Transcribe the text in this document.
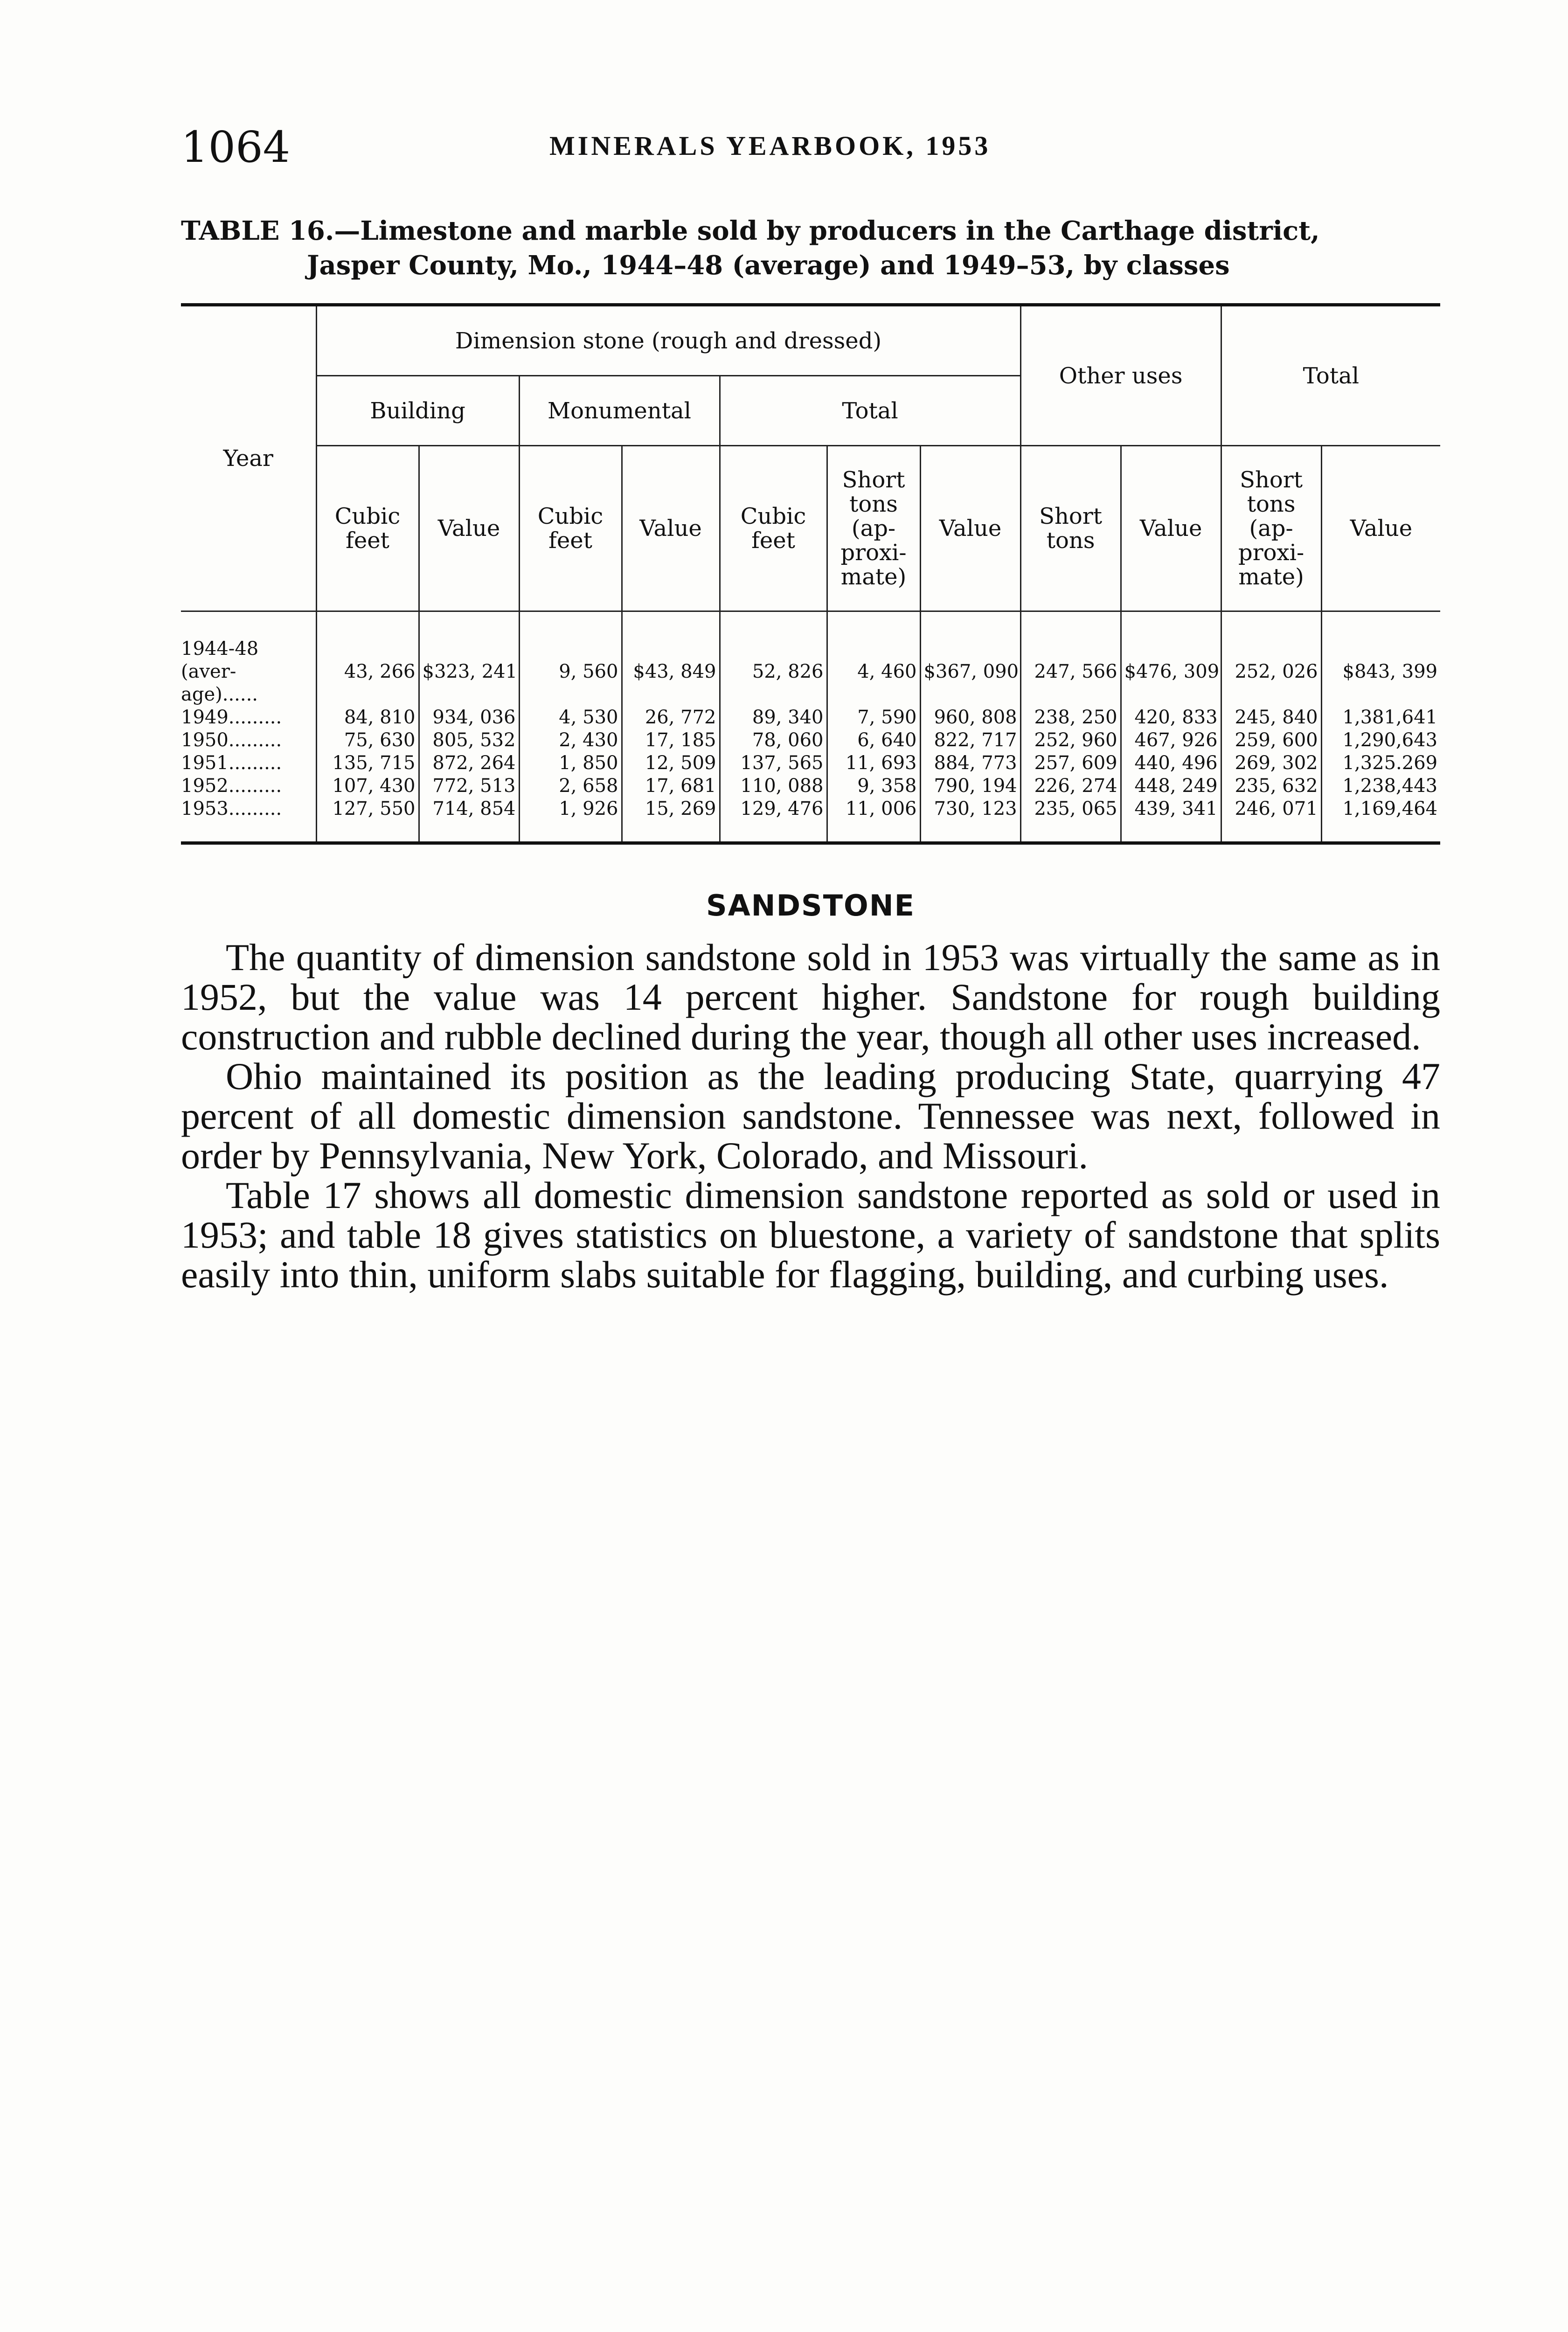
1064	MINERALS YEARBOOK, 1953
TABLE 16.—Limestone and marble sold by producers in the Carthage district,
Jasper County, Mo., 1944–48 (average) and 1949–53, by classes
Year	Dimension stone (rough and dressed)							Other uses		Total	
	Building		Monumental		Total						
	Cubic feet	Value	Cubic feet	Value	Cubic feet	Short tons (ap- proxi- mate)	Value	Short tons	Value	Short tons (ap- proxi- mate)	Value

1944-48 (aver- age)......	43, 266	$323, 241	9, 560	$43, 849	52, 826	4, 460	$367, 090	247, 566	$476, 309	252, 026	$843, 399
1949.........	84, 810	934, 036	4, 530	26, 772	89, 340	7, 590	960, 808	238, 250	420, 833	245, 840	1,381,641
1950.........	75, 630	805, 532	2, 430	17, 185	78, 060	6, 640	822, 717	252, 960	467, 926	259, 600	1,290,643
1951.........	135, 715	872, 264	1, 850	12, 509	137, 565	11, 693	884, 773	257, 609	440, 496	269, 302	1,325.269
1952.........	107, 430	772, 513	2, 658	17, 681	110, 088	9, 358	790, 194	226, 274	448, 249	235, 632	1,238,443
1953.........	127, 550	714, 854	1, 926	15, 269	129, 476	11, 006	730, 123	235, 065	439, 341	246, 071	1,169,464
SANDSTONE

The quantity of dimension sandstone sold in 1953 was virtually the same as in 1952, but the value was 14 percent higher. Sandstone for rough building construction and rubble declined during the year, though all other uses increased.

Ohio maintained its position as the leading producing State, quarrying 47 percent of all domestic dimension sandstone. Tennessee was next, followed in order by Pennsylvania, New York, Colorado, and Missouri.

Table 17 shows all domestic dimension sandstone reported as sold or used in 1953; and table 18 gives statistics on bluestone, a variety of sandstone that splits easily into thin, uniform slabs suitable for flagging, building, and curbing uses.
